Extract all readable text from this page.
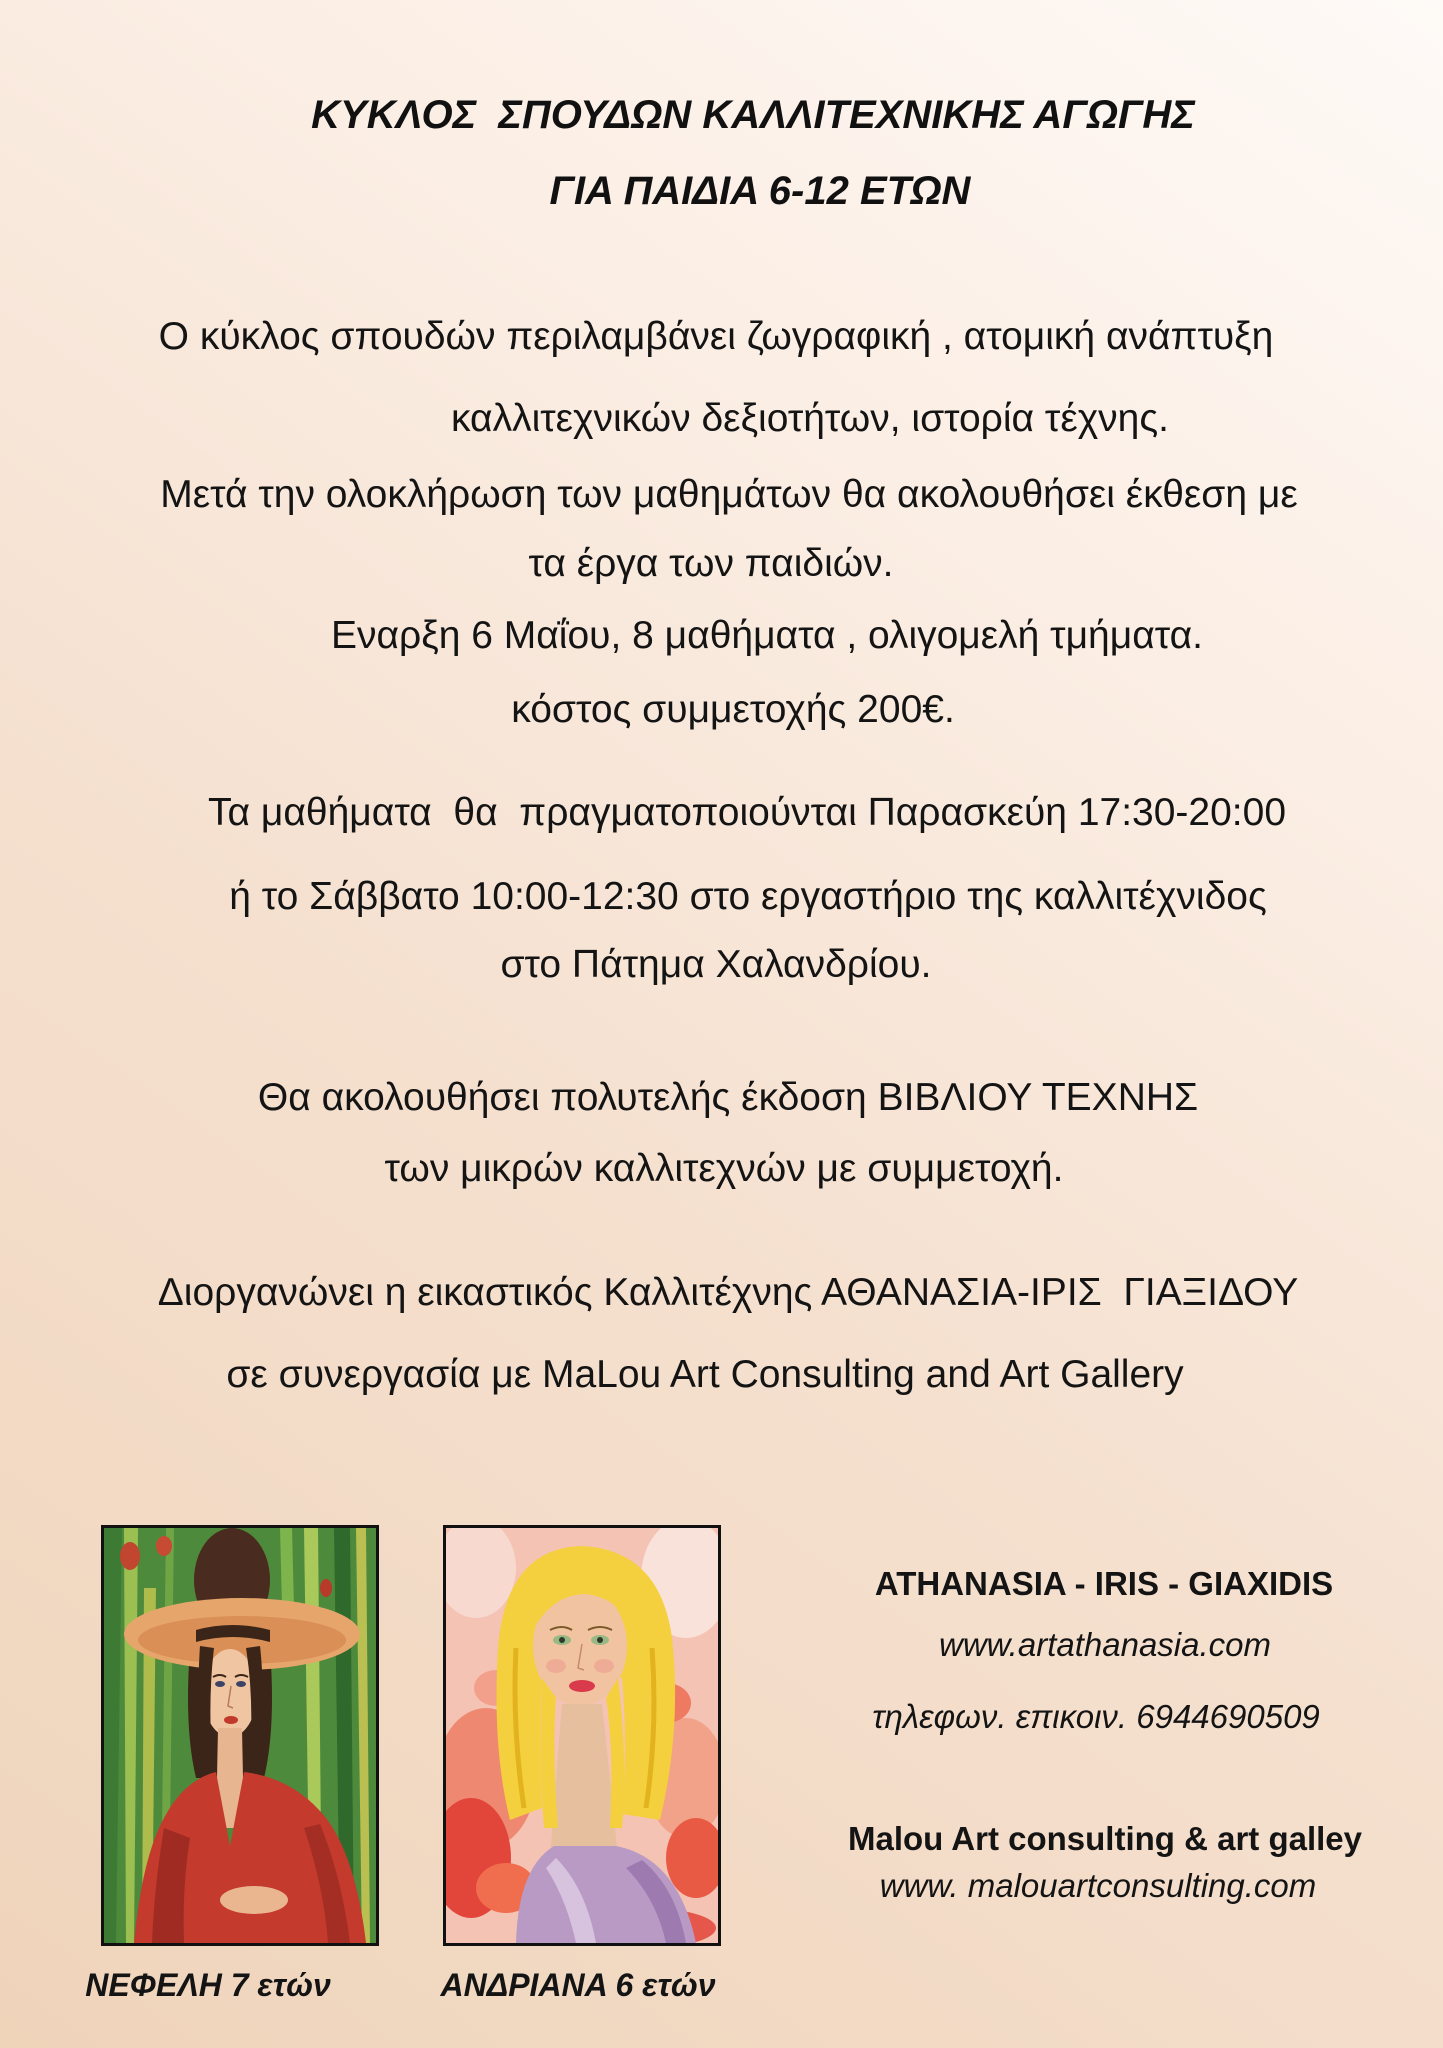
ΚΥΚΛΟΣ  ΣΠΟΥΔΩΝ ΚΑΛΛΙΤΕΧΝΙΚΗΣ ΑΓΩΓΗΣ
ΓΙΑ ΠΑΙΔΙΑ 6-12 ΕΤΩΝ
Ο κύκλος σπουδών περιλαμβάνει ζωγραφική , ατομική ανάπτυξη
καλλιτεχνικών δεξιοτήτων, ιστορία τέχνης.
Μετά την ολοκλήρωση των μαθημάτων θα ακολουθήσει έκθεση με
τα έργα των παιδιών.
Εναρξη 6 Μαΐου, 8 μαθήματα , ολιγομελή τμήματα.
κόστος συμμετοχής 200€.
Τα μαθήματα  θα  πραγματοποιούνται Παρασκεύη 17:30-20:00
ή το Σάββατο 10:00-12:30 στο εργαστήριο της καλλιτέχνιδος
στο Πάτημα Χαλανδρίου.
Θα ακολουθήσει πολυτελής έκδοση ΒΙΒΛΙΟΥ ΤΕΧΝΗΣ
των μικρών καλλιτεχνών με συμμετοχή.
Διοργανώνει η εικαστικός Καλλιτέχνης ΑΘΑΝΑΣΙΑ-ΙΡΙΣ  ΓΙΑΞΙΔΟΥ
σε συνεργασία με MaLou Art Consulting and Art Gallery
ΝΕΦΕΛΗ 7 ετών	ΑΝΔΡΙΑΝΑ 6 ετών
ATHANASIA - IRIS - GIAXIDIS
www.artathanasia.com
τηλεφων. επικοιν. 6944690509
Malou Art consulting & art galley
www. malouartconsulting.com
